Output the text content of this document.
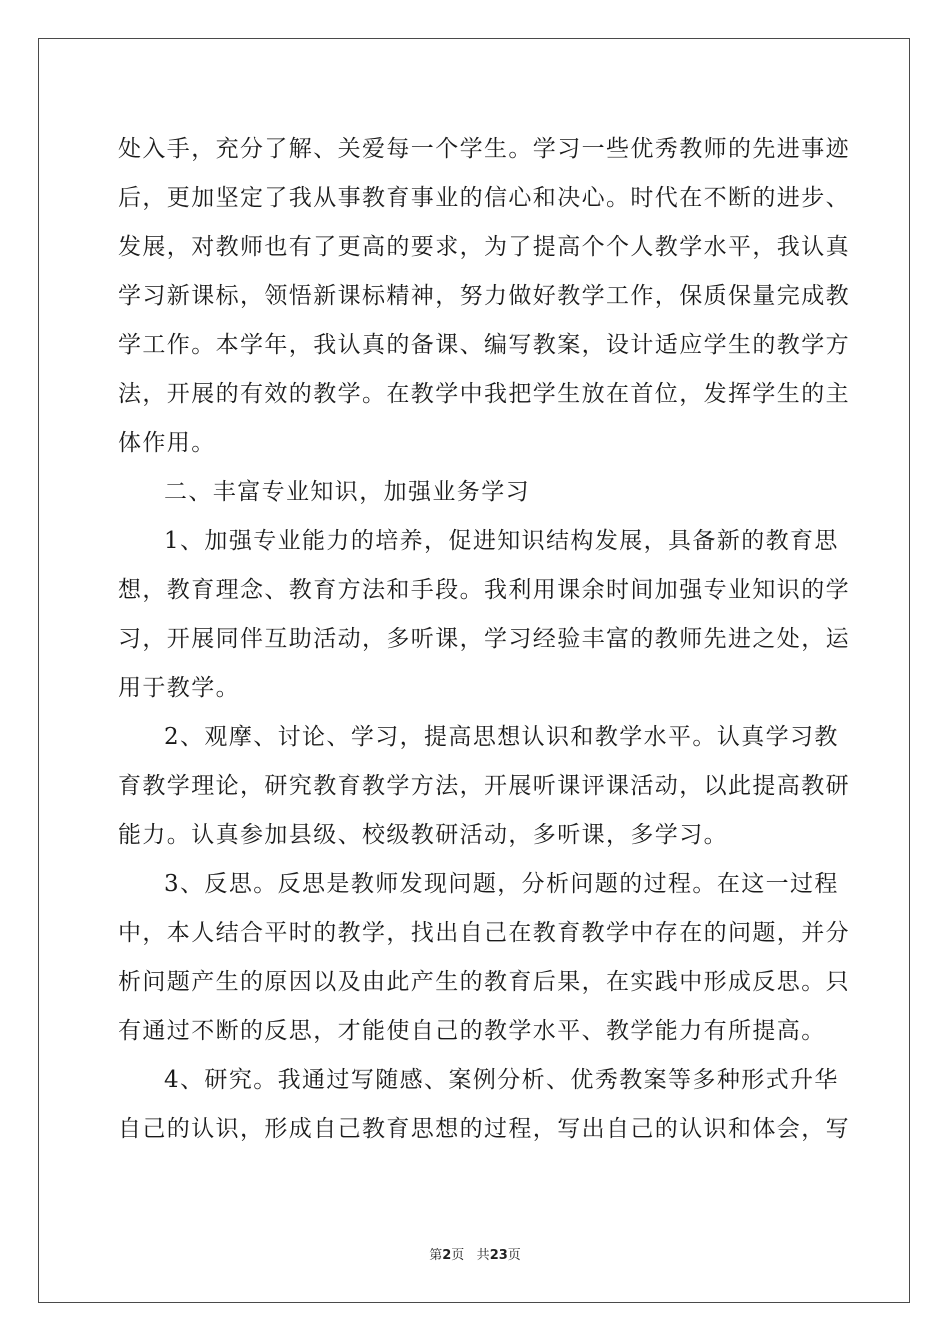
处入手，充分了解、关爱每一个学生。学习一些优秀教师的先进事迹
后，更加坚定了我从事教育事业的信心和决心。时代在不断的进步、
发展，对教师也有了更高的要求，为了提高个个人教学水平，我认真
学习新课标，领悟新课标精神，努力做好教学工作，保质保量完成教
学工作。本学年，我认真的备课、编写教案，设计适应学生的教学方
法，开展的有效的教学。在教学中我把学生放在首位，发挥学生的主
体作用。
二、丰富专业知识，加强业务学习
1、加强专业能力的培养，促进知识结构发展，具备新的教育思
想，教育理念、教育方法和手段。我利用课余时间加强专业知识的学
习，开展同伴互助活动，多听课，学习经验丰富的教师先进之处，运
用于教学。
2、观摩、讨论、学习，提高思想认识和教学水平。认真学习教
育教学理论，研究教育教学方法，开展听课评课活动，以此提高教研
能力。认真参加县级、校级教研活动，多听课，多学习。
3、反思。反思是教师发现问题，分析问题的过程。在这一过程
中，本人结合平时的教学，找出自己在教育教学中存在的问题，并分
析问题产生的原因以及由此产生的教育后果，在实践中形成反思。只
有通过不断的反思，才能使自己的教学水平、教学能力有所提高。
4、研究。我通过写随感、案例分析、优秀教案等多种形式升华
自己的认识，形成自己教育思想的过程，写出自己的认识和体会，写
第2页 共23页
